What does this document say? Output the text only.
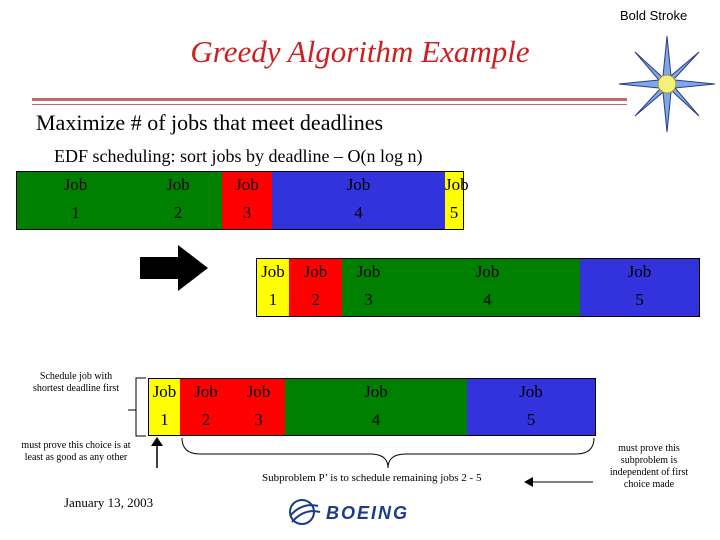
Bold Stroke
Greedy Algorithm Example
Maximize # of jobs that meet deadlines
EDF scheduling: sort jobs by deadline – O(n log n)
Job
1
Job
2
Job
3
Job
4
Job
5
Job
1
Job
2
Job
3
Job
4
Job
5
Job
1
Job
2
Job
3
Job
4
Job
5
Schedule job with shortest deadline first
must prove this choice is at least as good as any other
must prove this subproblem is independent of first choice made
Subproblem P’ is to schedule remaining jobs 2 - 5
January 13, 2003
BOEING
